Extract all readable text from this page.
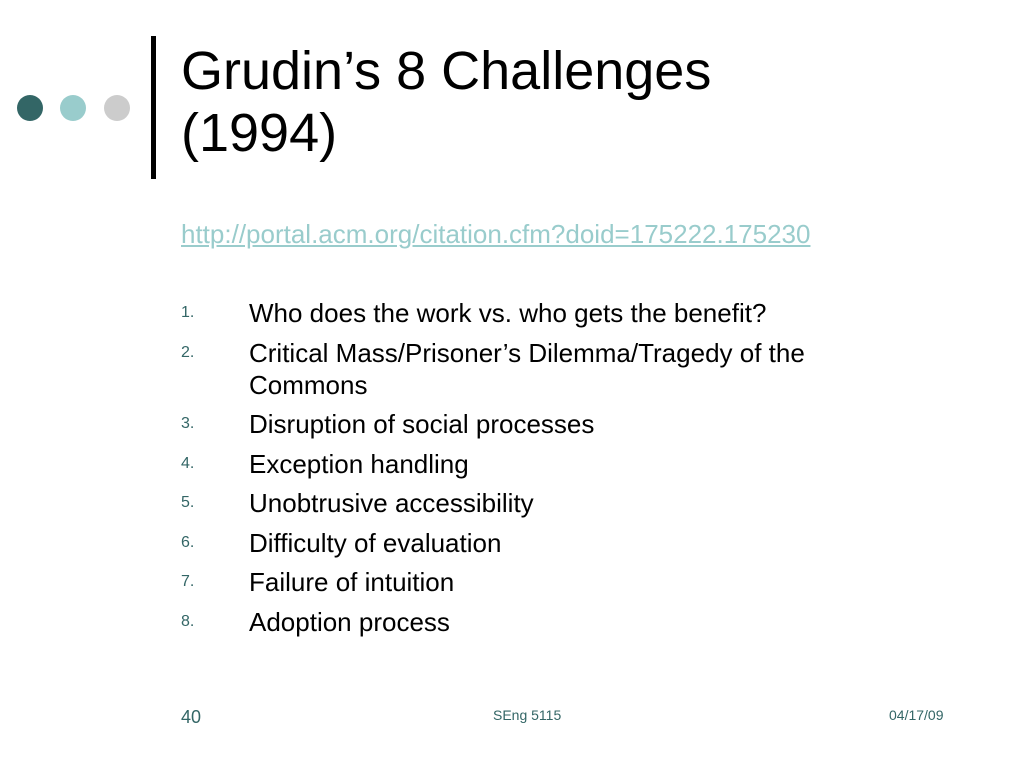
Grudin’s 8 Challenges
(1994)
http://portal.acm.org/citation.cfm?doid=175222.175230
1.	Who does the work vs. who gets the benefit?
2.	Critical Mass/Prisoner’s Dilemma/Tragedy of the Commons
3.	Disruption of social processes
4.	Exception handling
5.	Unobtrusive accessibility
6.	Difficulty of evaluation
7.	Failure of intuition
8.	Adoption process
40	SEng 5115	04/17/09
